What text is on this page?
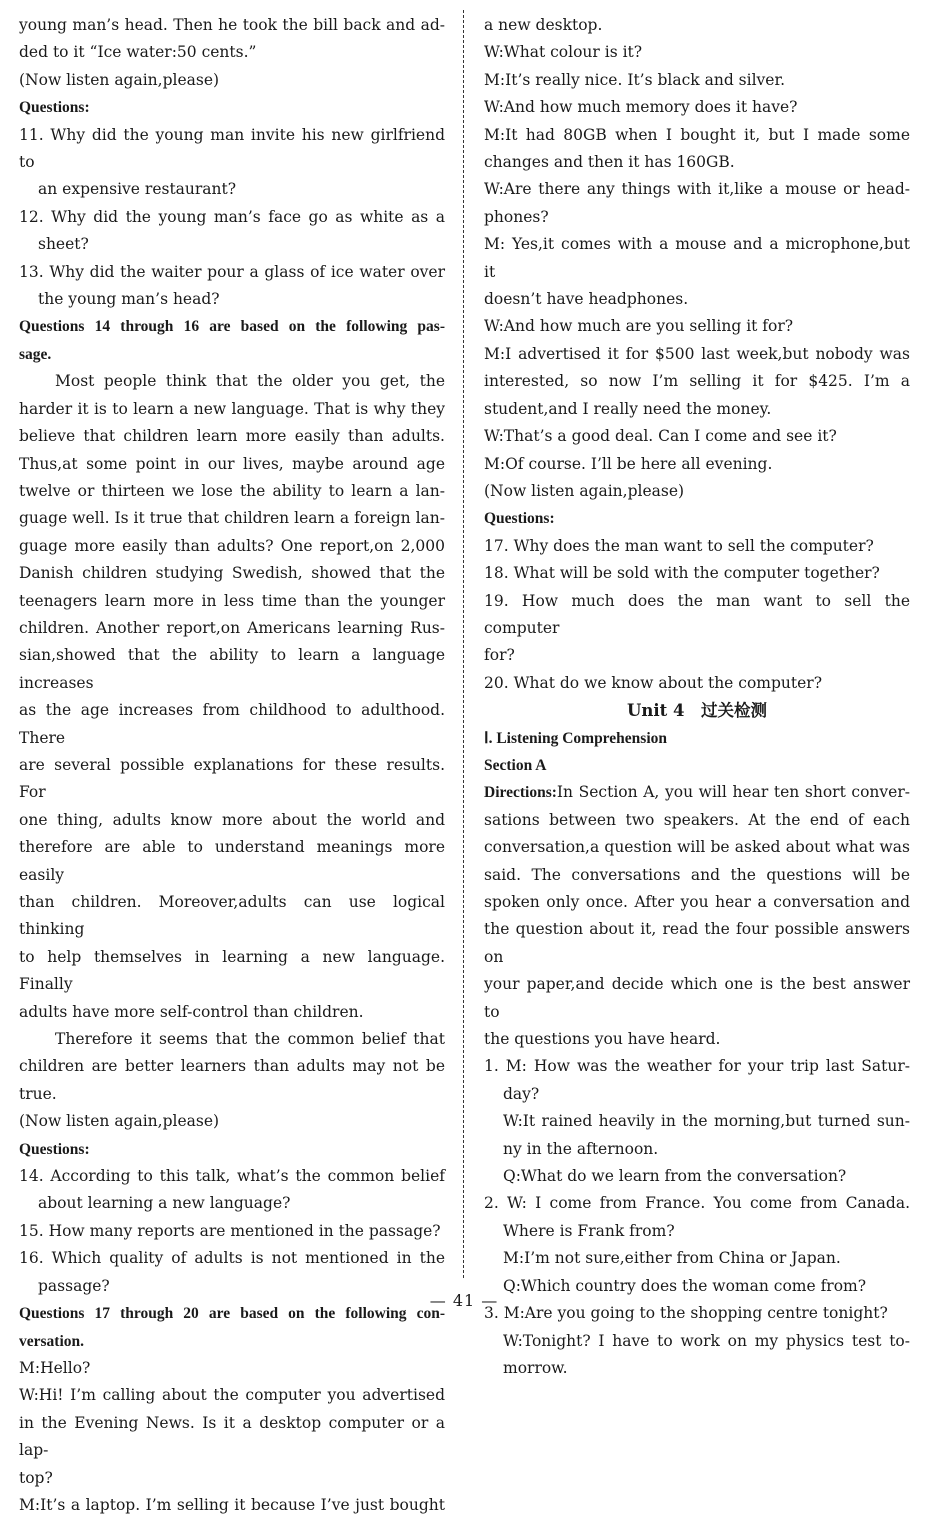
young man’s head. Then he took the bill back and ad-
ded to it “Ice water:50 cents.”
(Now listen again,please)
Questions:
11. Why did the young man invite his new girlfriend to
an expensive restaurant?
12. Why did the young man’s face go as white as a
sheet?
13. Why did the waiter pour a glass of ice water over
the young man’s head?
Questions 14 through 16 are based on the following pas-
sage.
Most people think that the older you get, the
harder it is to learn a new language. That is why they
believe that children learn more easily than adults.
Thus,at some point in our lives, maybe around age
twelve or thirteen we lose the ability to learn a lan-
guage well. Is it true that children learn a foreign lan-
guage more easily than adults? One report,on 2,000
Danish children studying Swedish, showed that the
teenagers learn more in less time than the younger
children. Another report,on Americans learning Rus-
sian,showed that the ability to learn a language increases
as the age increases from childhood to adulthood. There
are several possible explanations for these results. For
one thing, adults know more about the world and
therefore are able to understand meanings more easily
than children. Moreover,adults can use logical thinking
to help themselves in learning a new language. Finally
adults have more self-control than children.
Therefore it seems that the common belief that
children are better learners than adults may not be true.
(Now listen again,please)
Questions:
14. According to this talk, what’s the common belief
about learning a new language?
15. How many reports are mentioned in the passage?
16. Which quality of adults is not mentioned in the
passage?
Questions 17 through 20 are based on the following con-
versation.
M:Hello?
W:Hi! I’m calling about the computer you advertised
in the Evening News. Is it a desktop computer or a lap-
top?
M:It’s a laptop. I’m selling it because I’ve just bought
a new desktop.
W:What colour is it?
M:It’s really nice. It’s black and silver.
W:And how much memory does it have?
M:It had 80GB when I bought it, but I made some
changes and then it has 160GB.
W:Are there any things with it,like a mouse or head-
phones?
M: Yes,it comes with a mouse and a microphone,but it
doesn’t have headphones.
W:And how much are you selling it for?
M:I advertised it for $500 last week,but nobody was
interested, so now I’m selling it for $425. I’m a
student,and I really need the money.
W:That’s a good deal. Can I come and see it?
M:Of course. I’ll be here all evening.
(Now listen again,please)
Questions:
17. Why does the man want to sell the computer?
18. What will be sold with the computer together?
19. How much does the man want to sell the computer
for?
20. What do we know about the computer?
Unit 4　过关检测
Ⅰ. Listening Comprehension
Section A
Directions:In Section A, you will hear ten short conver-
sations between two speakers. At the end of each
conversation,a question will be asked about what was
said. The conversations and the questions will be
spoken only once. After you hear a conversation and
the question about it, read the four possible answers on
your paper,and decide which one is the best answer to
the questions you have heard.
1. M: How was the weather for your trip last Satur-
day?
W:It rained heavily in the morning,but turned sun-
ny in the afternoon.
Q:What do we learn from the conversation?
2. W: I come from France. You come from Canada.
Where is Frank from?
M:I’m not sure,either from China or Japan.
Q:Which country does the woman come from?
3. M:Are you going to the shopping centre tonight?
W:Tonight? I have to work on my physics test to-
morrow.
— 41 —
